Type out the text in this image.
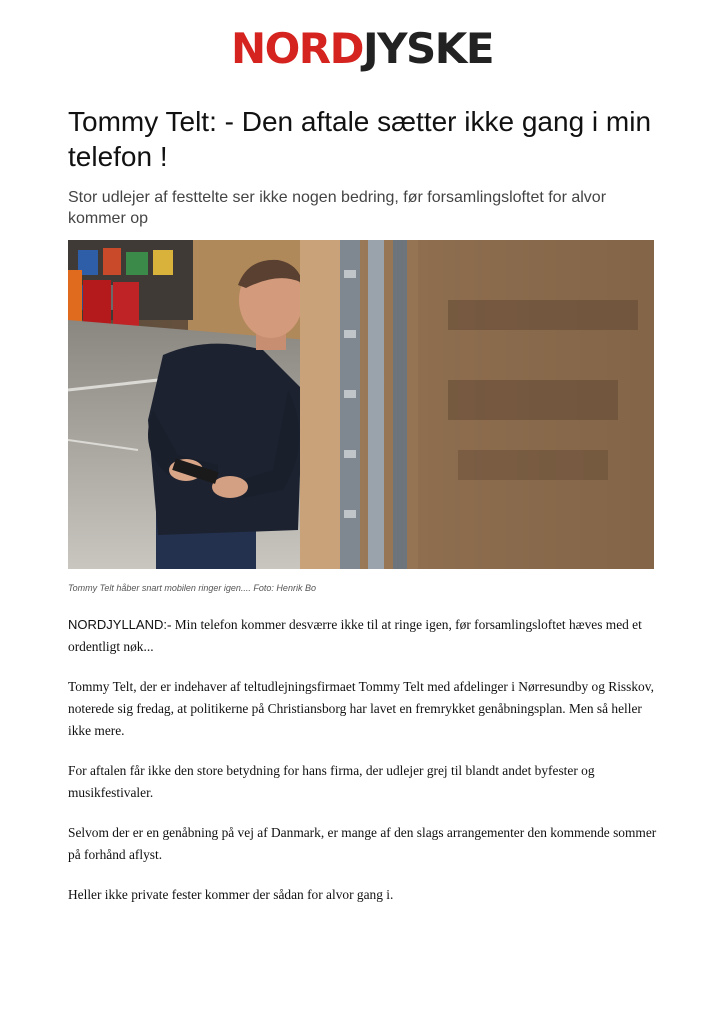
NORDJYSKE
Tommy Telt: - Den aftale sætter ikke gang i min telefon !

Stor udlejer af festtelte ser ikke nogen bedring, før forsamlingsloftet for alvor kommer op

Tommy Telt håber snart mobilen ringer igen.... Foto: Henrik Bo

NORDJYLLAND:- Min telefon kommer desværre ikke til at ringe igen, før forsamlingsloftet hæves med et ordentligt nøk...

Tommy Telt, der er indehaver af teltudlejningsfirmaet Tommy Telt med afdelinger i Nørresundby og Risskov, noterede sig fredag, at politikerne på Christiansborg har lavet en fremrykket genåbningsplan. Men så heller ikke mere.

For aftalen får ikke den store betydning for hans firma, der udlejer grej til blandt andet byfester og musikfestivaler.

Selvom der er en genåbning på vej af Danmark, er mange af den slags arrangementer den kommende sommer på forhånd aflyst.

Heller ikke private fester kommer der sådan for alvor gang i.
